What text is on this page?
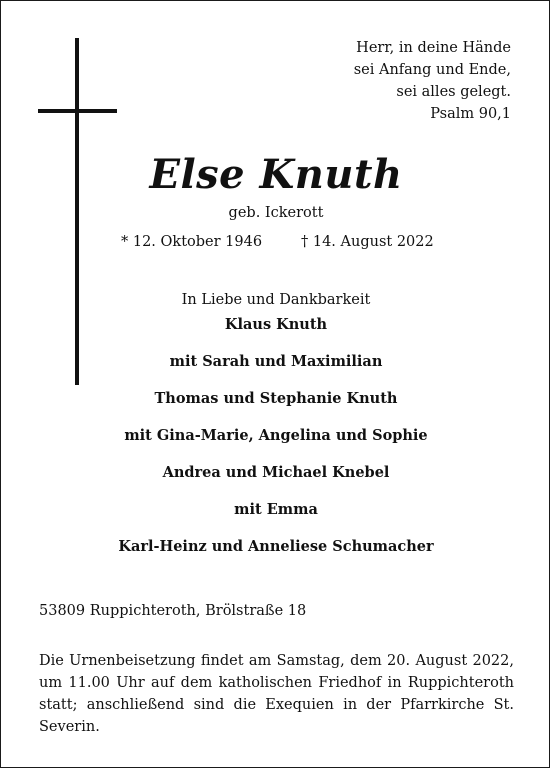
Herr, in deine Hände
sei Anfang und Ende,
sei alles gelegt.
Psalm 90,1
Else Knuth
geb. Ickerott
* 12. Oktober 1946	† 14. August 2022
In Liebe und Dankbarkeit
Klaus Knuth
mit Sarah und Maximilian
Thomas und Stephanie Knuth
mit Gina-Marie, Angelina und Sophie
Andrea und Michael Knebel
mit Emma
Karl-Heinz und Anneliese Schumacher
53809 Ruppichteroth, Brölstraße 18
Die Urnenbeisetzung findet am Samstag, dem 20. August 2022, um 11.00 Uhr auf dem katholischen Friedhof in Ruppichteroth statt; anschließend sind die Exequien in der Pfarrkirche St. Severin.
